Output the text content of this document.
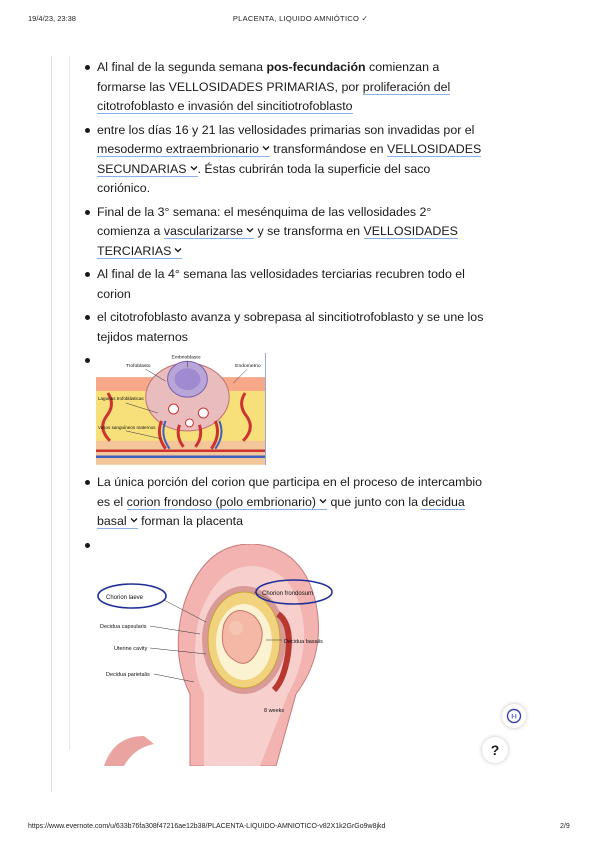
19/4/23, 23:38	PLACENTA, LIQUIDO AMNIÓTICO ✓
Al final de la segunda semana pos-fecundación comienzan a formarse las VELLOSIDADES PRIMARIAS, por proliferación del citotrofoblasto e invasión del sincitiotrofoblasto
entre los días 16 y 21 las vellosidades primarias son invadidas por el mesodermo extraembrionario
transformándose en VELLOSIDADES SECUNDARIAS . Éstas cubrirán toda la superficie del saco coriónico.
Final de la 3° semana: el mesénquima de las vellosidades 2° comienza a vascularizarse
y se transforma en VELLOSIDADES TERCIARIAS
Al final de la 4° semana las vellosidades terciarias recubren todo el corion
el citotrofoblasto avanza y sobrepasa al sincitiotrofoblasto y se une los tejidos maternos
Embrioblasto
Trofoblasto	Endometrio
Lagunas trofoblásticas
Vasos sanguíneos maternos
La única porción del corion que participa en el proceso de intercambio es el corion frondoso (polo embrionario)
que junto con la decidua basal
forman la placenta
Chorion laeve
Chorion frondosum
Decidua capsularis
Decidua basalis
Uterine cavity
Decidua parietalis
8 weeks
I·I
?
https://www.evernote.com/u/633b76fa308f47216ae12b38/PLACENTA-LIQUIDO-AMNIOTICO-v82X1k2GrGo9w8jkd	2/9
